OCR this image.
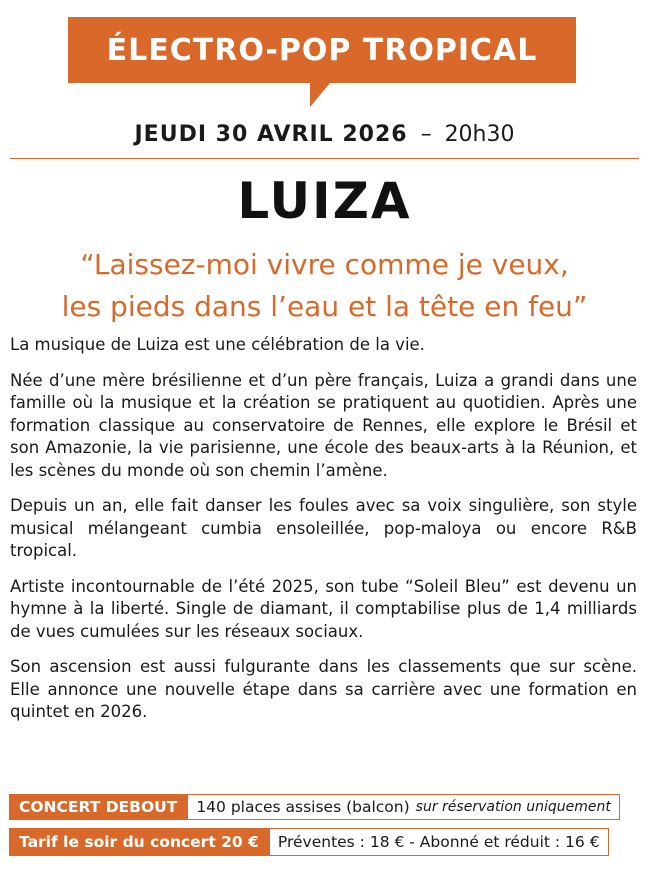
ÉLECTRO-POP TROPICAL
JEUDI 30 AVRIL 2026 – 20h30
LUIZA
“Laissez-moi vivre comme je veux,
les pieds dans l’eau et la tête en feu”

La musique de Luiza est une célébration de la vie.

Née d’une mère brésilienne et d’un père français, Luiza a grandi dans une famille où la musique et la création se pratiquent au quotidien. Après une formation classique au conservatoire de Rennes, elle explore le Brésil et son Amazonie, la vie parisienne, une école des beaux-arts à la Réunion, et les scènes du monde où son chemin l’amène.

Depuis un an, elle fait danser les foules avec sa voix singulière, son style musical mélangeant cumbia ensoleillée, pop-maloya ou encore R&B tropical.

Artiste incontournable de l’été 2025, son tube “Soleil Bleu” est devenu un hymne à la liberté. Single de diamant, il comptabilise plus de 1,4 milliards de vues cumulées sur les réseaux sociaux.

Son ascension est aussi fulgurante dans les classements que sur scène. Elle annonce une nouvelle étape dans sa carrière avec une formation en quintet en 2026.

CONCERT DEBOUT	140 places assises (balcon) sur réservation uniquement
Tarif le soir du concert 20 €	Préventes : 18 € - Abonné et réduit : 16 €
